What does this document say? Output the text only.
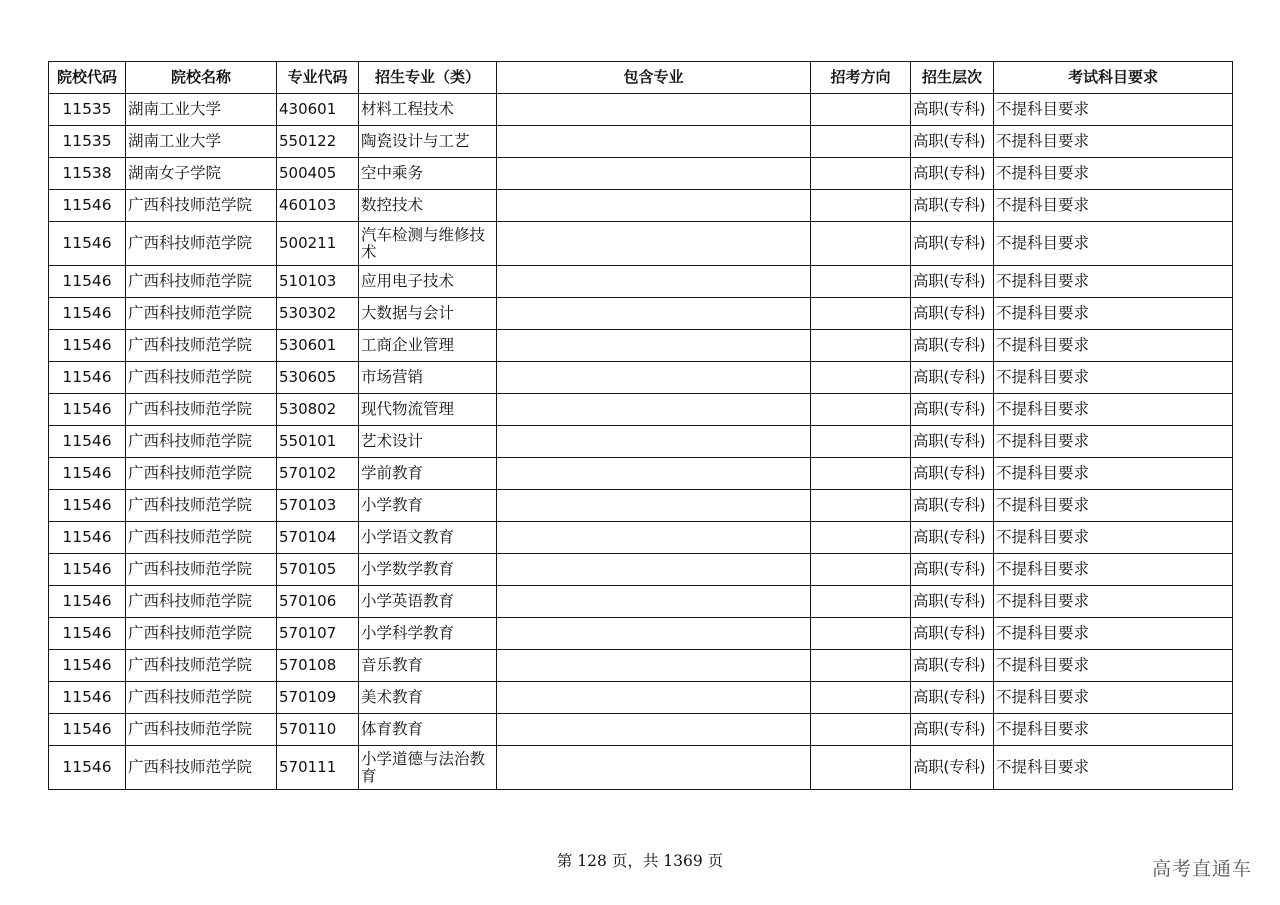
院校代码	院校名称	专业代码	招生专业（类）	包含专业	招考方向	招生层次	考试科目要求
11535	湖南工业大学	430601	材料工程技术			高职(专科)	不提科目要求
11535	湖南工业大学	550122	陶瓷设计与工艺			高职(专科)	不提科目要求
11538	湖南女子学院	500405	空中乘务			高职(专科)	不提科目要求
11546	广西科技师范学院	460103	数控技术			高职(专科)	不提科目要求
11546	广西科技师范学院	500211	汽车检测与维修技术			高职(专科)	不提科目要求
11546	广西科技师范学院	510103	应用电子技术			高职(专科)	不提科目要求
11546	广西科技师范学院	530302	大数据与会计			高职(专科)	不提科目要求
11546	广西科技师范学院	530601	工商企业管理			高职(专科)	不提科目要求
11546	广西科技师范学院	530605	市场营销			高职(专科)	不提科目要求
11546	广西科技师范学院	530802	现代物流管理			高职(专科)	不提科目要求
11546	广西科技师范学院	550101	艺术设计			高职(专科)	不提科目要求
11546	广西科技师范学院	570102	学前教育			高职(专科)	不提科目要求
11546	广西科技师范学院	570103	小学教育			高职(专科)	不提科目要求
11546	广西科技师范学院	570104	小学语文教育			高职(专科)	不提科目要求
11546	广西科技师范学院	570105	小学数学教育			高职(专科)	不提科目要求
11546	广西科技师范学院	570106	小学英语教育			高职(专科)	不提科目要求
11546	广西科技师范学院	570107	小学科学教育			高职(专科)	不提科目要求
11546	广西科技师范学院	570108	音乐教育			高职(专科)	不提科目要求
11546	广西科技师范学院	570109	美术教育			高职(专科)	不提科目要求
11546	广西科技师范学院	570110	体育教育			高职(专科)	不提科目要求
11546	广西科技师范学院	570111	小学道德与法治教育			高职(专科)	不提科目要求
第 128 页，共 1369 页	高考直通车
